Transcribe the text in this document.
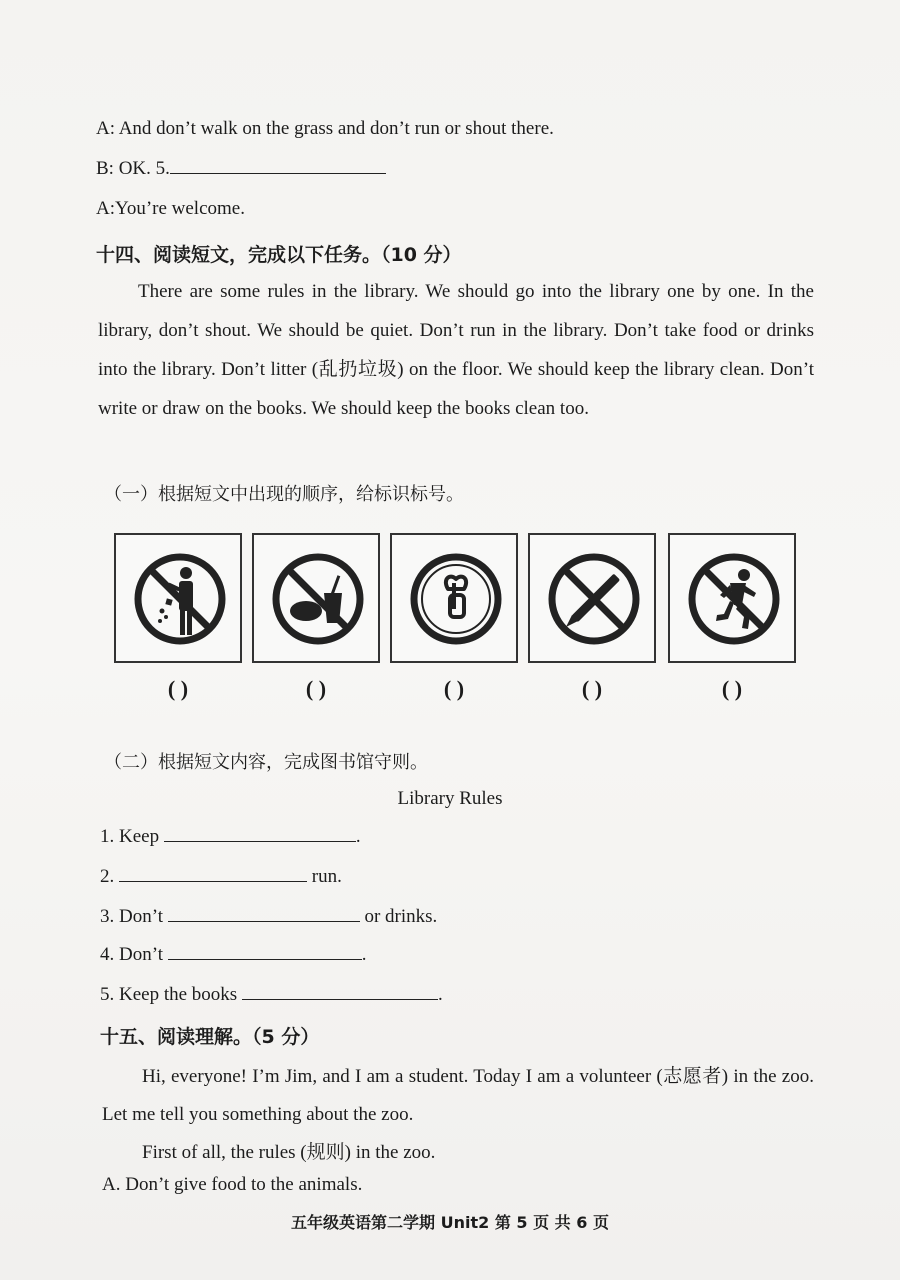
A: And don’t walk on the grass and don’t run or shout there.
B: OK. 5.
A:You’re welcome.
十四、阅读短文，完成以下任务。（10 分）

There are some rules in the library. We should go into the library one by one. In the library, don’t shout. We should be quiet. Don’t run in the library. Don’t take food or drinks into the library. Don’t litter (乱扔垃圾) on the floor. We should keep the library clean. Don’t write or draw on the books. We should keep the books clean too.

（一）根据短文中出现的顺序，给标识标号。
( )	( )	( )	( )	( )
（二）根据短文内容，完成图书馆守则。
Library Rules
1. Keep	.
2.	run.
3. Don’t	or drinks.
4. Don’t	.
5. Keep the books	.
十五、阅读理解。（5 分）

Hi, everyone! I’m Jim, and I am a student. Today I am a volunteer (志愿者) in the zoo. Let me tell you something about the zoo.

First of all, the rules (规则) in the zoo.

A. Don’t give food to the animals.
五年级英语第二学期 Unit2 第 5 页 共 6 页
